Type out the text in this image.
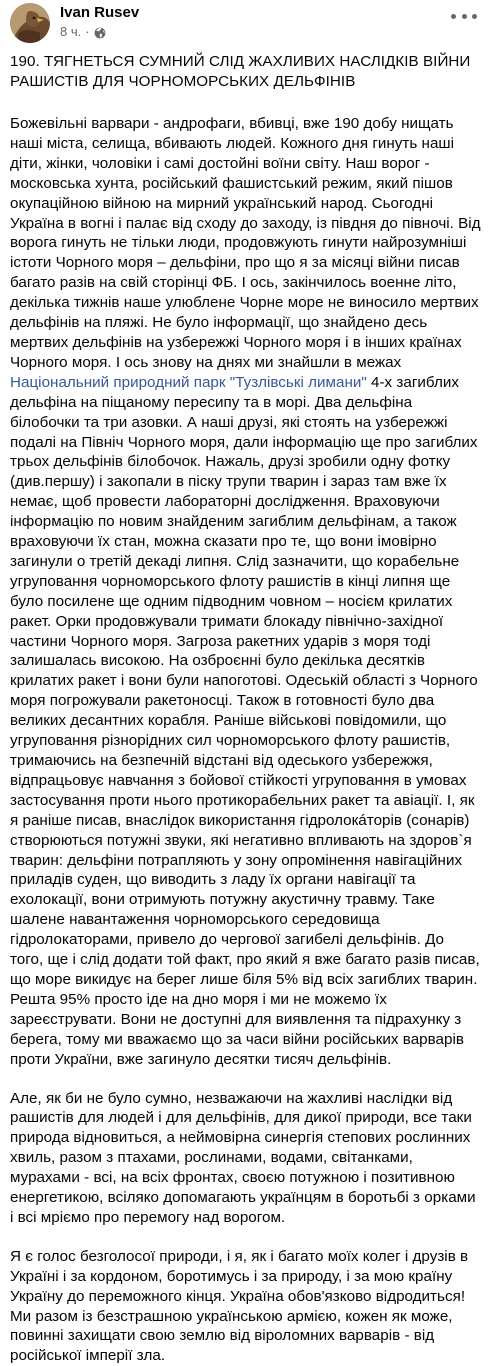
Ivan Rusev
8 ч. ·

190. ТЯГНЕТЬСЯ СУМНИЙ СЛІД ЖАХЛИВИХ НАСЛІДКІВ ВІЙНИ РАШИСТІВ ДЛЯ ЧОРНОМОРСЬКИХ ДЕЛЬФІНІВ

Божевільні варвари - андрофаги, вбивці, вже 190 добу нищать наші міста, селища, вбивають людей. Кожного дня гинуть наші діти, жінки, чоловіки і самі достойні воїни світу. Наш ворог - московська хунта, російський фашистський режим, який пішов окупаційною війною на мирний український народ. Сьогодні Україна в вогні і палає від сходу до заходу, із півдня до півночі. Від ворога гинуть не тільки люди, продовжують гинути найрозумніші істоти Чорного моря – дельфіни, про що я за місяці війни писав багато разів на свій сторінці ФБ. І ось, закінчилось военне літо, декілька тижнів наше улюблене Чорне море не виносило мертвих дельфінів на пляжі. Не було інформації, що знайдено десь мертвих дельфінів на узбережжі Чорного моря і в інших країнах Чорного моря. І ось знову на днях ми знайшли в межах Національний природний парк "Тузлівські лимани" 4-х загиблих дельфіна на піщаному пересипу та в морі. Два дельфіна білобочки та три азовки. А наші друзі, які стоять на узбережжі подалі на Північ Чорного моря, дали інформацію ще про загиблих трьох дельфінів білобочок. Нажаль, друзі зробили одну фотку (див.першу) і закопали в піску трупи тварин і зараз там вже їх немає, щоб провести лабораторні дослідження. Враховуючи інформацію по новим знайденим загиблим дельфінам, а також враховуючи їх стан, можна сказати про те, що вони імовірно загинули о третій декаді липня. Слід зазначити, що корабельне угруповання чорноморського флоту рашистів в кінці липня ще було посилене ще одним підводним човном – носієм крилатих ракет. Орки продовжували тримати блокаду північно-західної частини Чорного моря. Загроза ракетних ударів з моря тоді залишалась високою. На озброєнні було декілька десятків крилатих ракет і вони були напоготові. Одеській області з Чорного моря погрожували ракетоносці. Також в готовності було два великих десантних корабля. Раніше військові повідомили, що угруповання різнорідних сил чорноморського флоту рашистів, тримаючись на безпечній відстані від одеського узбережжя, відпрацьовує навчання з бойової стійкості угруповання в умовах застосування проти нього протикорабельних ракет та авіації. І, як я раніше писав, внаслідок використання гідролокáторів (сонарів) створюються потужні звуки, які негативно впливають на здоров`я тварин: дельфіни потрапляють у зону опромінення навігаційних приладів суден, що виводить з ладу їх органи навігації та ехолокації, вони отримують потужну акустичну травму. Таке шалене навантаження чорноморського середовища гідролокаторами, привело до чергової загибелі дельфінів. До того, ще і слід додати той факт, про який я вже багато разів писав, що море викидує на берег лише біля 5% від всіх загиблих тварин. Решта 95% просто іде на дно моря і ми не можемо їх зареєструвати. Вони не доступні для виявлення та підрахунку з берега, тому ми вважаємо що за часи війни російських варварів проти України, вже загинуло десятки тисяч дельфінів.

Але, як би не було сумно, незважаючи на жахливі наслідки від рашистів для людей і для дельфінів, для дикої природи, все таки природа відновиться, а неймовірна синергія степових рослинних хвиль, разом з птахами, рослинами, водами, світанками, мурахами - всі, на всіх фронтах, своєю потужною і позитивною енергетикою, всіляко допомагають українцям в боротьбі з орками і всі мріємо про перемогу над ворогом.

Я є голос безголосої природи, і я, як і багато моїх колег і друзів в Україні і за кордоном, боротимусь і за природу, і за мою країну Україну до переможного кінця. Україна обов'язково відродиться! Ми разом із безстрашною українською армією, кожен як може, повинні захищати свою землю від віроломних варварів - від російської імперії зла.
